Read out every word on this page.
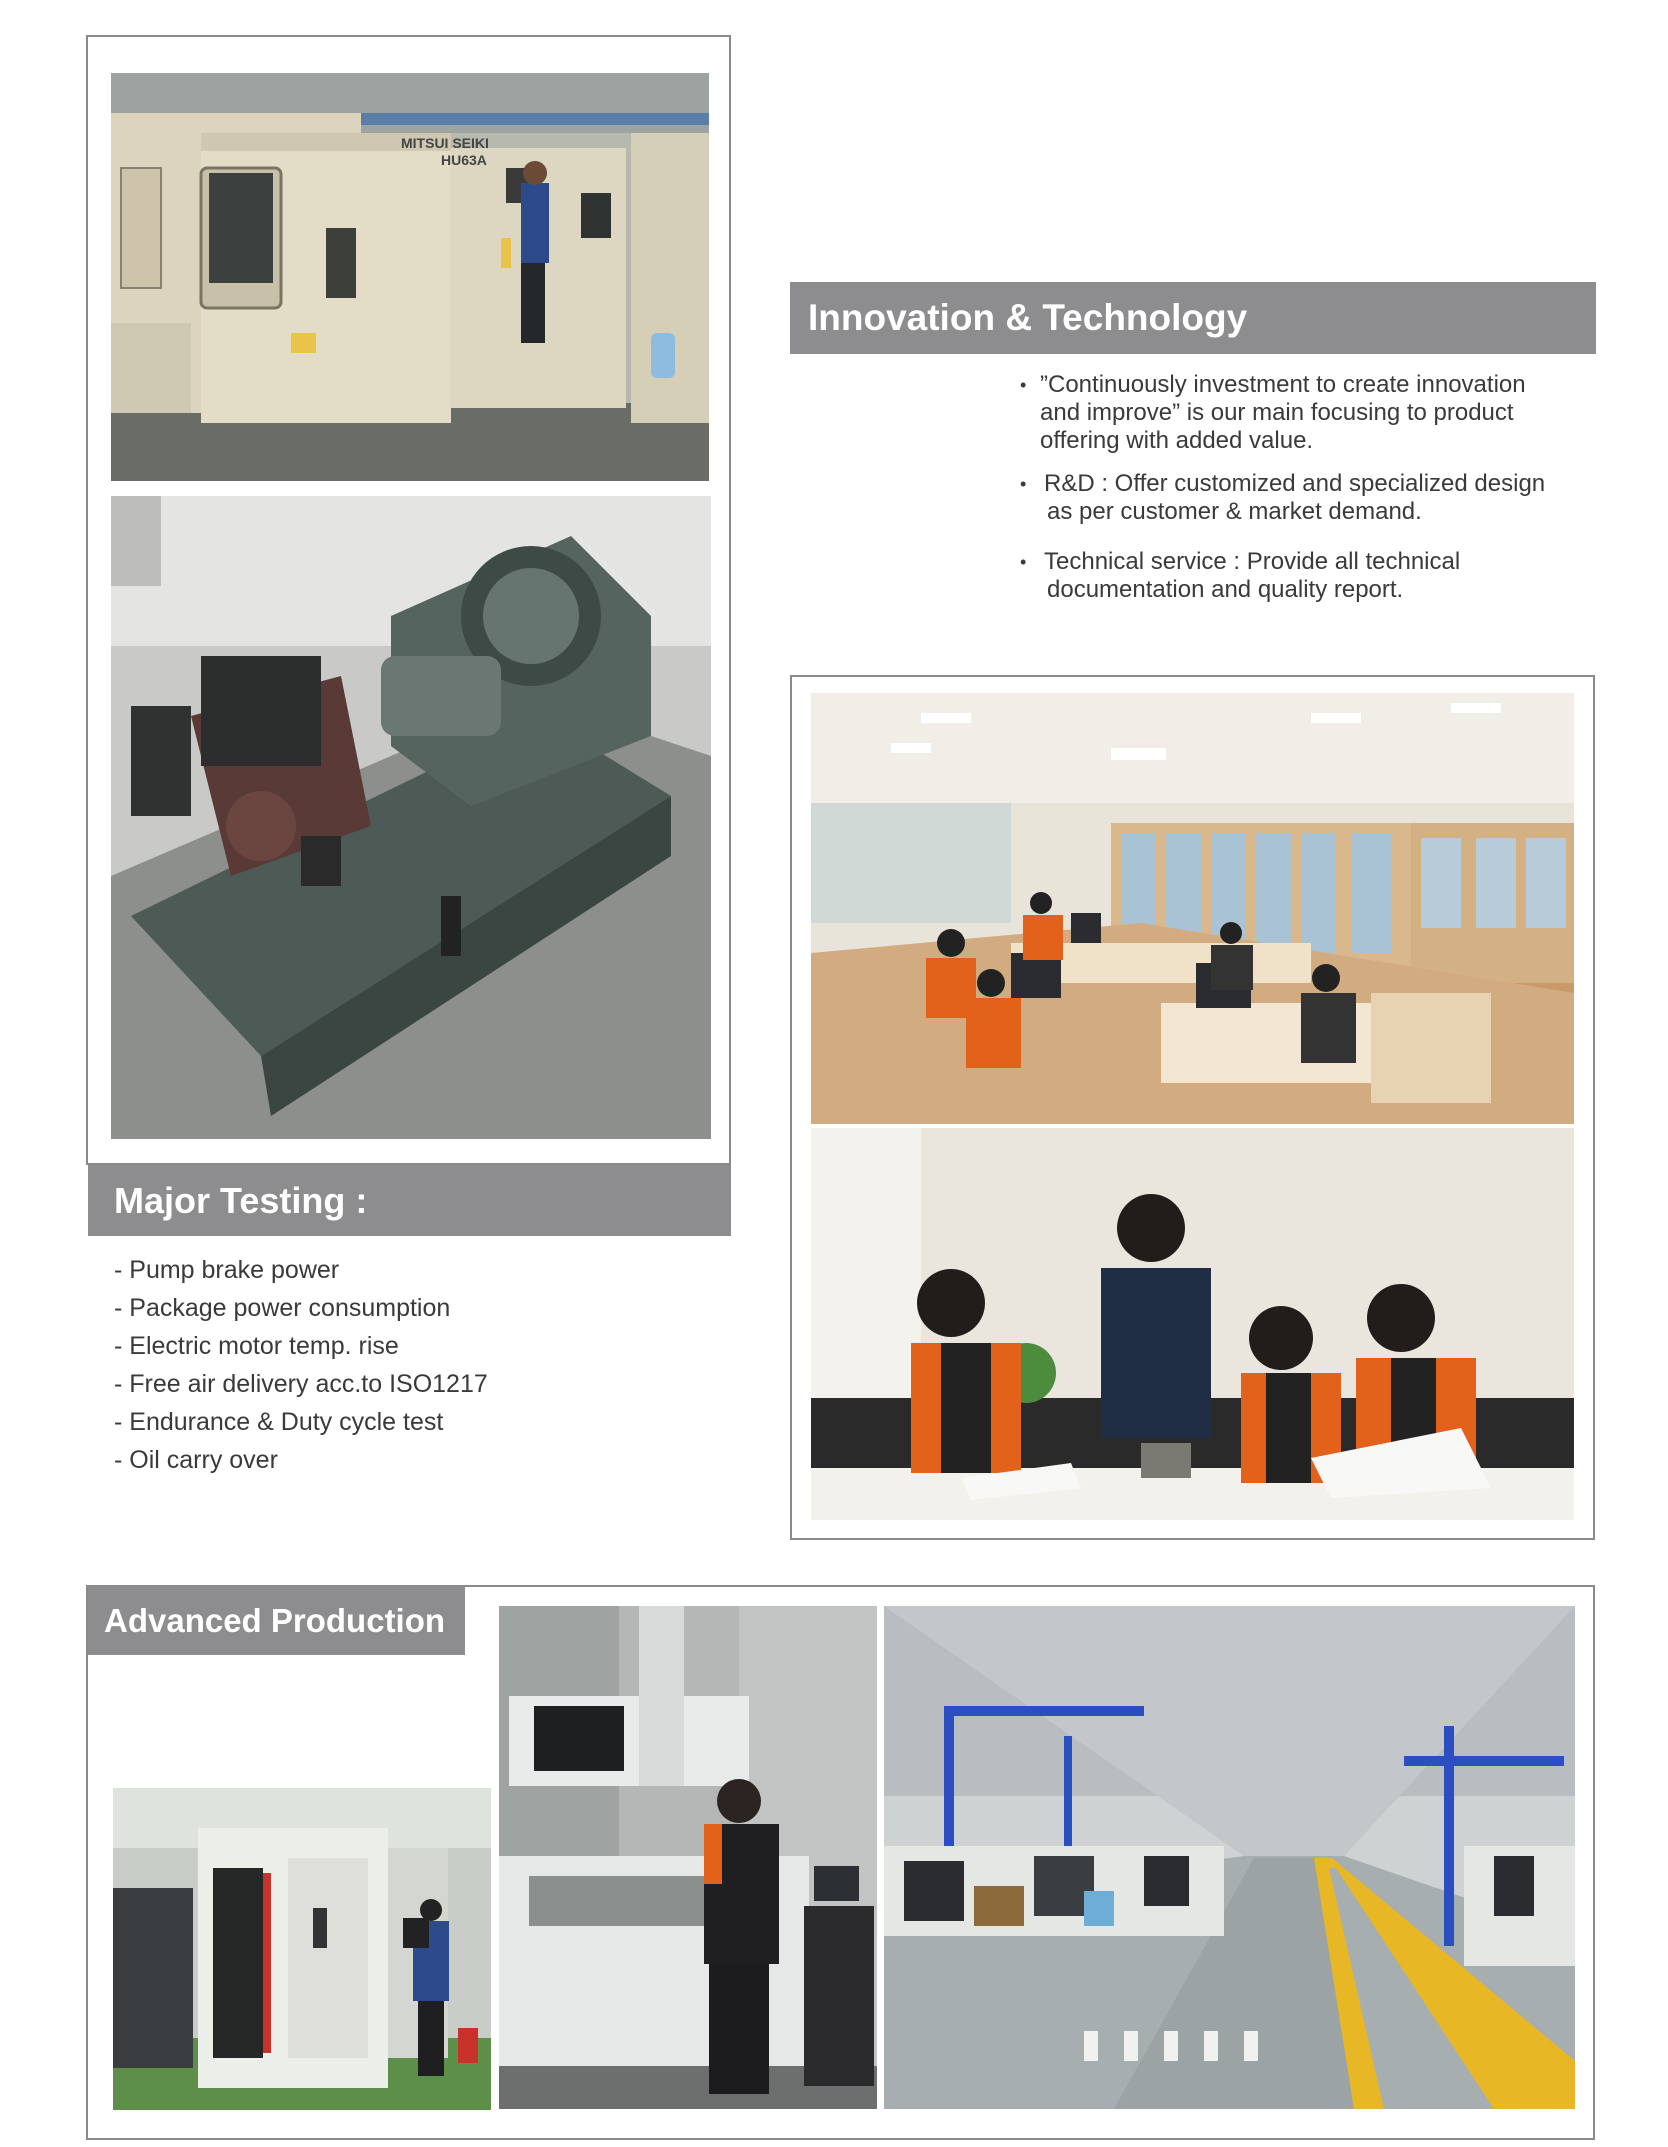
MITSUI SEIKI
HU63A
Major Testing :
- Pump brake power
- Package power consumption
- Electric motor temp. rise
- Free air delivery acc.to ISO1217
- Endurance & Duty cycle test
- Oil carry over
Innovation & Technology
• ”Continuously investment to create innovation
and improve” is our main focusing to product
offering with added value.
• R&D : Offer customized and specialized design
as per customer & market demand.
• Technical service : Provide all technical
documentation and quality report.
Advanced Production
